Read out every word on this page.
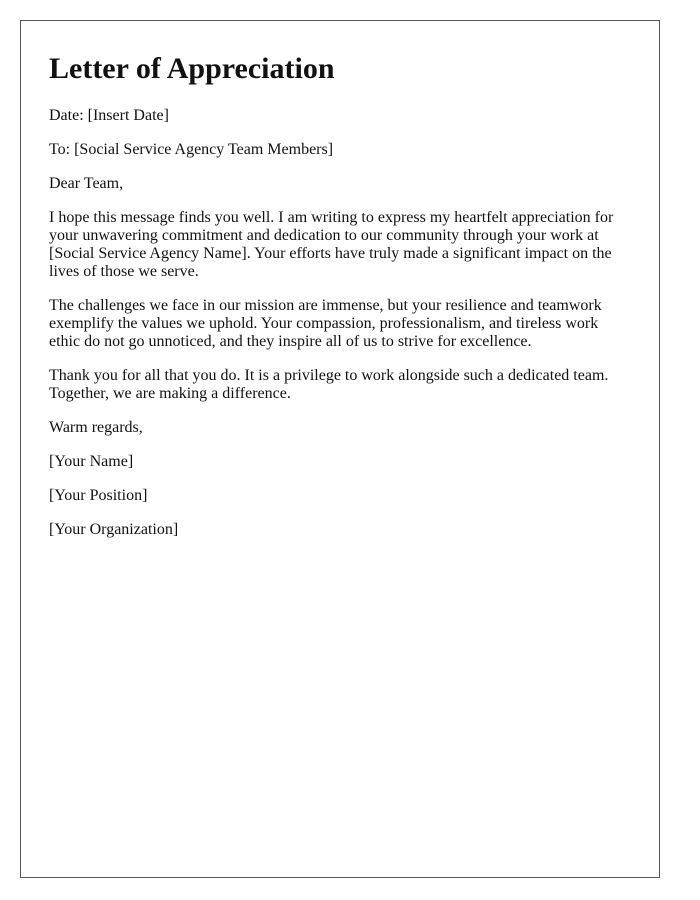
Letter of Appreciation

Date: [Insert Date]

To: [Social Service Agency Team Members]

Dear Team,

I hope this message finds you well. I am writing to express my heartfelt appreciation for your unwavering commitment and dedication to our community through your work at [Social Service Agency Name]. Your efforts have truly made a significant impact on the lives of those we serve.

The challenges we face in our mission are immense, but your resilience and teamwork exemplify the values we uphold. Your compassion, professionalism, and tireless work ethic do not go unnoticed, and they inspire all of us to strive for excellence.

Thank you for all that you do. It is a privilege to work alongside such a dedicated team. Together, we are making a difference.

Warm regards,

[Your Name]

[Your Position]

[Your Organization]
